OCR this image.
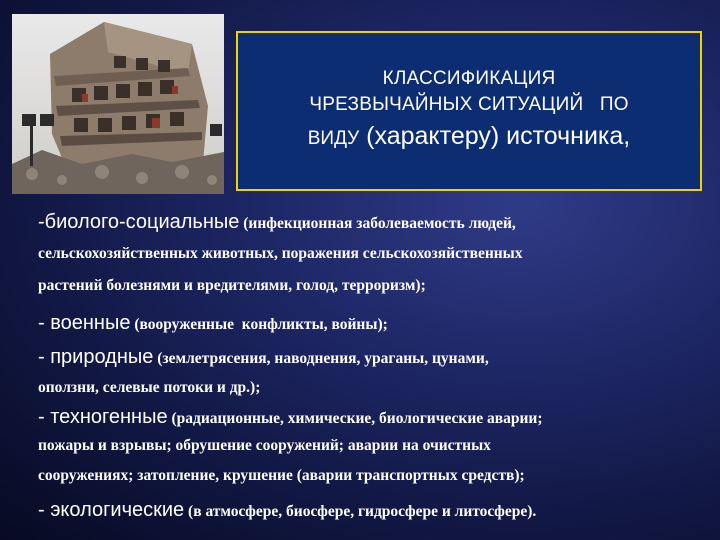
КЛАССИФИКАЦИЯ
ЧРЕЗВЫЧАЙНЫХ СИТУАЦИЙ   ПО
ВИДУ (характеру) источника,
-биолого-социальные (инфекционная заболеваемость людей,
сельскохозяйственных животных, поражения сельскохозяйственных
растений болезнями и вредителями, голод, терроризм);
- военные (вооруженные  конфликты, войны);
- природные (землетрясения, наводнения, ураганы, цунами,
оползни, селевые потоки и др.);
- техногенные (радиационные, химические, биологические аварии;
пожары и взрывы; обрушение сооружений; аварии на очистных
сооружениях; затопление, крушение (аварии транспортных средств);
- экологические (в атмосфере, биосфере, гидросфере и литосфере).
